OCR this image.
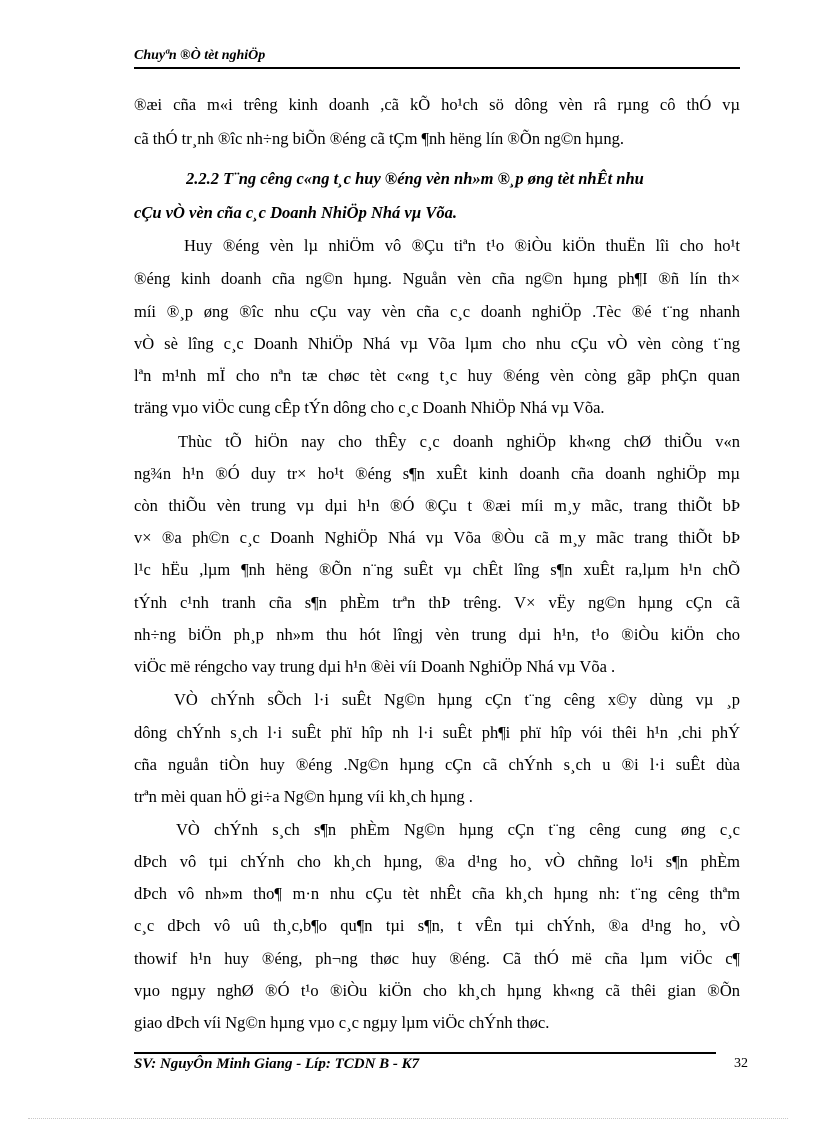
Chuyªn ®Ò tèt nghiÖp
®æi cña m«i trêng kinh doanh ,cã kÕ ho¹ch sö dông vèn râ rµng cô thÓ vµ
cã thÓ tr¸nh ®îc nh÷ng biÕn ®éng cã tÇm ¶nh hëng lín ®Õn ng©n hµng.
2.2.2 T¨ng cêng c«ng t¸c huy ®éng vèn nh»m ®¸p øng tèt nhÊt nhu
cÇu vÒ vèn cña c¸c Doanh NhiÖp Nhá vµ Võa.
Huy ®éng vèn lµ nhiÖm vô ®Çu tiªn t¹o ®iÒu kiÖn thuËn lîi cho ho¹t
®éng kinh doanh cña ng©n hµng. Nguån vèn cña ng©n hµng ph¶I ®ñ lín th×
míi ®¸p øng ®îc nhu cÇu vay vèn cña c¸c doanh nghiÖp .Tèc ®é t¨ng nhanh
vÒ sè lîng c¸c Doanh NhiÖp Nhá vµ Võa lµm cho nhu cÇu vÒ vèn còng t¨ng
lªn m¹nh mÏ cho nªn tæ chøc tèt c«ng t¸c huy ®éng vèn còng gãp phÇn quan
träng vµo viÖc cung cÊp tÝn dông cho c¸c Doanh NhiÖp Nhá vµ Võa.
Thùc tÕ hiÖn nay cho thÊy c¸c doanh nghiÖp kh«ng chØ thiÕu v«n
ng¾n h¹n ®Ó duy tr× ho¹t ®éng s¶n xuÊt kinh doanh cña doanh nghiÖp mµ
còn thiÕu vèn trung vµ dµi h¹n ®Ó ®Çu t ®æi míi m¸y mãc, trang thiÕt bÞ
v× ®a ph©n c¸c Doanh NghiÖp Nhá vµ Võa ®Òu cã m¸y mãc trang thiÕt bÞ
l¹c hËu ,lµm ¶nh hëng ®Õn n¨ng suÊt vµ chÊt lîng s¶n xuÊt ra,lµm h¹n chÕ
tÝnh c¹nh tranh cña s¶n phÈm trªn thÞ trêng. V× vËy ng©n hµng cÇn cã
nh÷ng biÖn ph¸p nh»m thu hót lîngj vèn trung dµi h¹n, t¹o ®iÒu kiÖn cho
viÖc më réngcho vay trung dµi h¹n ®èi víi Doanh NghiÖp Nhá vµ Võa .
VÒ chÝnh sÕch l·i suÊt Ng©n hµng cÇn t¨ng cêng x©y dùng vµ ¸p
dông chÝnh s¸ch l·i suÊt phï hîp nh l·i suÊt ph¶i phï hîp vói thêi h¹n ,chi phÝ
cña nguån tiÒn huy ®éng .Ng©n hµng cÇn cã chÝnh s¸ch u ®i l·i suÊt dùa
trªn mèi quan hÖ gi÷a Ng©n hµng víi kh¸ch hµng .
VÒ chÝnh s¸ch s¶n phÈm Ng©n hµng cÇn t¨ng cêng cung øng c¸c
dÞch vô tµi chÝnh cho kh¸ch hµng, ®a d¹ng ho¸ vÒ chñng lo¹i s¶n phÈm
dÞch vô nh»m tho¶ m·n nhu cÇu tèt nhÊt cña kh¸ch hµng nh: t¨ng cêng thªm
c¸c dÞch vô uû th¸c,b¶o qu¶n tµi s¶n, t vÊn tµi chÝnh, ®a d¹ng ho¸ vÒ
thowif h¹n huy ®éng, ph¬ng thøc huy ®éng. Cã thÓ më cña lµm viÖc c¶
vµo ngµy nghØ ®Ó t¹o ®iÒu kiÖn cho kh¸ch hµng kh«ng cã thêi gian ®Õn
giao dÞch víi Ng©n hµng vµo c¸c ngµy lµm viÖc chÝnh thøc.
SV: NguyÔn Minh Giang - Líp: TCDN B - K7	32
